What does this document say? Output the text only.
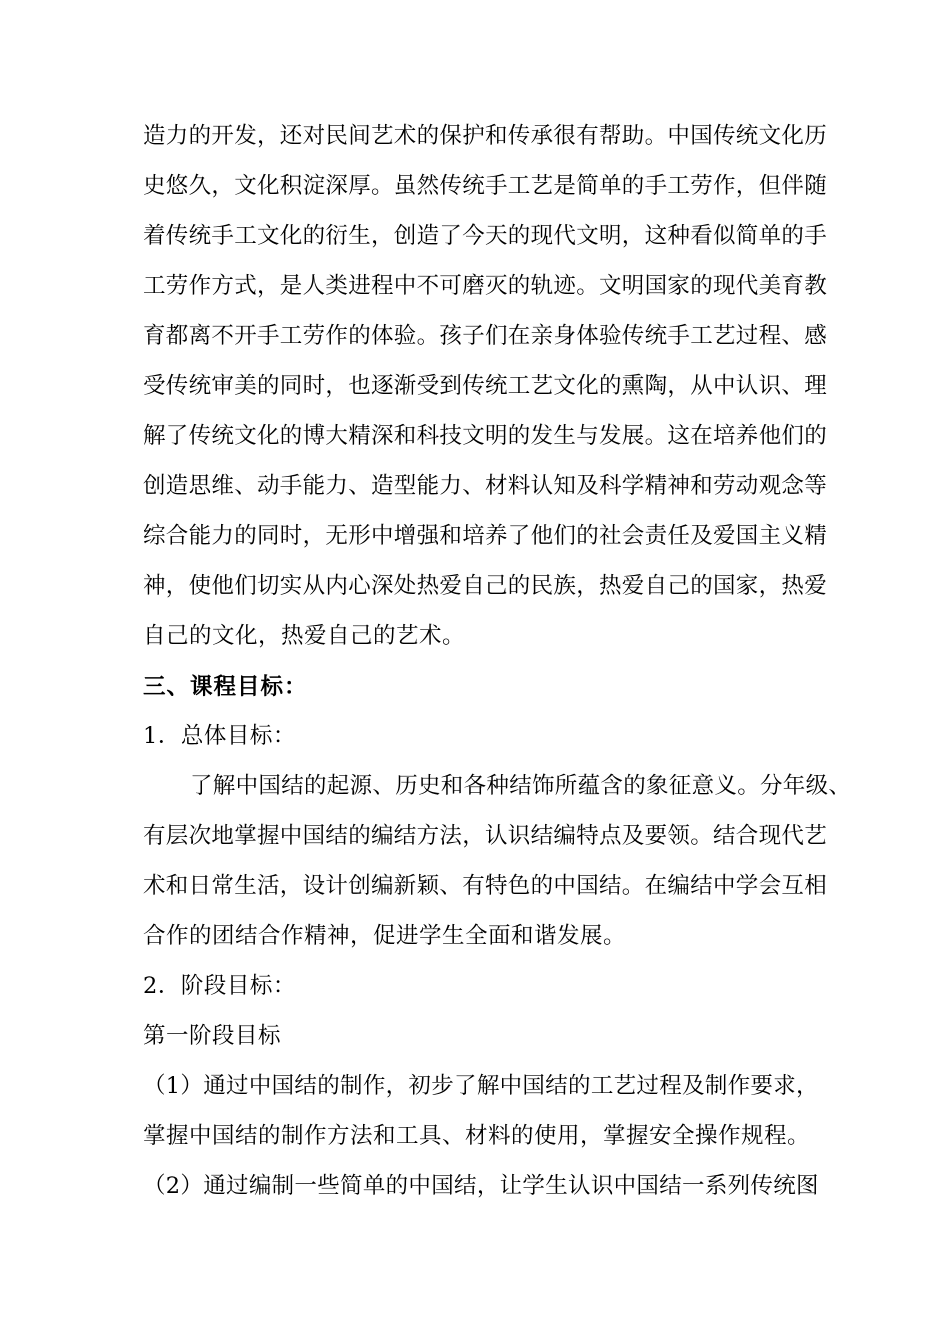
造力的开发，还对民间艺术的保护和传承很有帮助。中国传统文化历
史悠久，文化积淀深厚。虽然传统手工艺是简单的手工劳作，但伴随
着传统手工文化的衍生，创造了今天的现代文明，这种看似简单的手
工劳作方式，是人类进程中不可磨灭的轨迹。文明国家的现代美育教
育都离不开手工劳作的体验。孩子们在亲身体验传统手工艺过程、感
受传统审美的同时，也逐渐受到传统工艺文化的熏陶，从中认识、理
解了传统文化的博大精深和科技文明的发生与发展。这在培养他们的
创造思维、动手能力、造型能力、材料认知及科学精神和劳动观念等
综合能力的同时，无形中增强和培养了他们的社会责任及爱国主义精
神，使他们切实从内心深处热爱自己的民族，热爱自己的国家，热爱
自己的文化，热爱自己的艺术。
三、课程目标：
1．总体目标：
了解中国结的起源、历史和各种结饰所蕴含的象征意义。分年级、
有层次地掌握中国结的编结方法，认识结编特点及要领。结合现代艺
术和日常生活，设计创编新颖、有特色的中国结。在编结中学会互相
合作的团结合作精神，促进学生全面和谐发展。
2．阶段目标：
第一阶段目标
（1）通过中国结的制作，初步了解中国结的工艺过程及制作要求，
掌握中国结的制作方法和工具、材料的使用，掌握安全操作规程。
（2）通过编制一些简单的中国结，让学生认识中国结一系列传统图
